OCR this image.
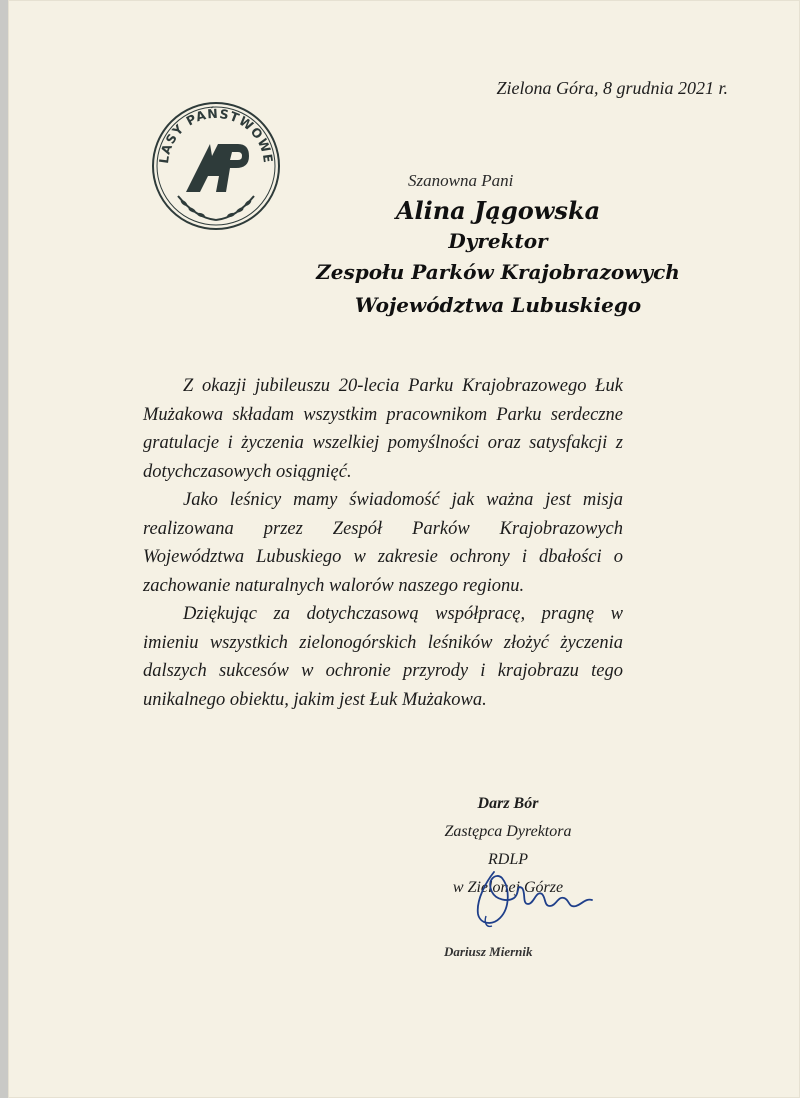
LASY PAŃSTWOWE
Zielona Góra, 8 grudnia 2021 r.
Szanowna Pani
Alina Jągowska
Dyrektor
Zespołu Parków Krajobrazowych
Województwa Lubuskiego

Z okazji jubileuszu 20-lecia Parku Krajobrazowego Łuk Mużakowa składam wszystkim pracownikom Parku serdeczne gratulacje i życzenia wszelkiej pomyślności oraz satysfakcji z dotychczasowych osiągnięć.

Jako leśnicy mamy świadomość jak ważna jest misja realizowana przez Zespół Parków Krajobrazowych Województwa Lubuskiego w zakresie ochrony i dbałości o zachowanie naturalnych walorów naszego regionu.

Dziękując za dotychczasową współpracę, pragnę w imieniu wszystkich zielonogórskich leśników złożyć życzenia dalszych sukcesów w ochronie przyrody i krajobrazu tego unikalnego obiektu, jakim jest Łuk Mużakowa.

Darz Bór
Zastępca Dyrektora
RDLP
w Zielonej Górze
Dariusz Miernik
